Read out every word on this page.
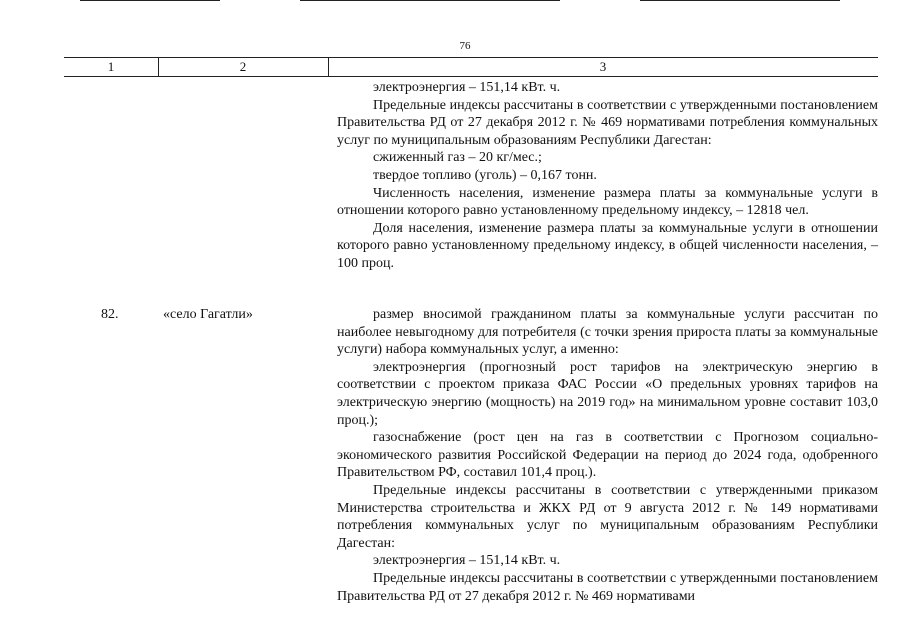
76
1	2	3

электроэнергия – 151,14 кВт. ч.

Предельные индексы рассчитаны в соответствии с утвержденными постановлением Правительства РД от 27 декабря 2012 г. № 469 нормативами потребления коммунальных услуг по муниципальным образованиям Республики Дагестан:

сжиженный газ – 20 кг/мес.;

твердое топливо (уголь) – 0,167 тонн.

Численность населения, изменение размера платы за коммунальные услуги в отношении которого равно установленному предельному индексу, – 12818 чел.

Доля населения, изменение размера платы за коммунальные услуги в отношении которого равно установленному предельному индексу, в общей численности населения, – 100 проц.

82.	«село Гагатли»	размер вносимой гражданином платы за коммунальные услуги рассчитан по наиболее невыгодному для потребителя (с точки зрения прироста платы за коммунальные услуги) набора коммунальных услуг, а именно:

электроэнергия (прогнозный рост тарифов на электрическую энергию в соответствии с проектом приказа ФАС России «О предельных уровнях тарифов на электрическую энергию (мощность) на 2019 год» на минимальном уровне составит 103,0 проц.);

газоснабжение (рост цен на газ в соответствии с Прогнозом социально-экономического развития Российской Федерации на период до 2024 года, одобренного Правительством РФ, составил 101,4 проц.).

Предельные индексы рассчитаны в соответствии с утвержденными приказом Министерства строительства и ЖКХ РД от 9 августа 2012 г. № 149 нормативами потребления коммунальных услуг по муниципальным образованиям Республики Дагестан:

электроэнергия – 151,14 кВт. ч.

Предельные индексы рассчитаны в соответствии с утвержденными постановлением Правительства РД от 27 декабря 2012 г. № 469 нормативами
